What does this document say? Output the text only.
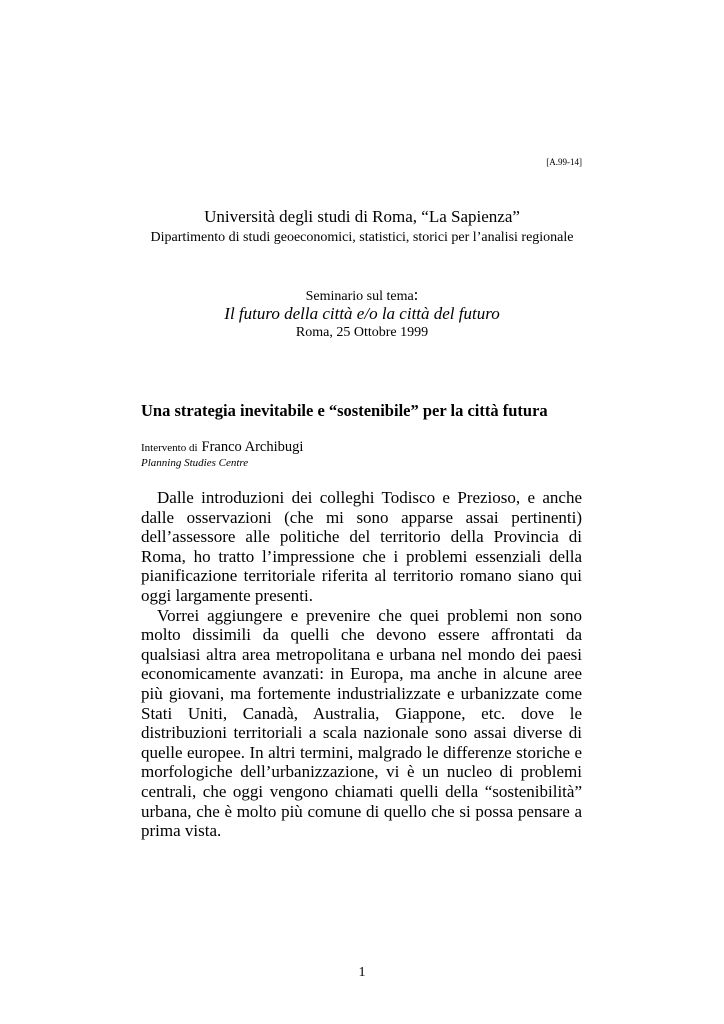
[A.99-14]
Università degli studi di Roma, “La Sapienza”
Dipartimento di studi geoeconomici, statistici, storici per l’analisi regionale
Seminario sul tema:
Il futuro della città e/o la città del futuro
Roma, 25 Ottobre 1999
Una strategia inevitabile e “sostenibile” per la città futura
Intervento di Franco Archibugi
Planning Studies Centre

Dalle introduzioni dei colleghi Todisco e Prezioso, e anche dalle osservazioni (che mi sono apparse assai pertinenti) dell’assessore alle politiche del territorio della Provincia di Roma, ho tratto l’impressione che i problemi essenziali della pianificazione territoriale riferita al territorio romano siano qui oggi largamente presenti.

Vorrei aggiungere e prevenire che quei problemi non sono molto dissimili da quelli che devono essere affrontati da qualsiasi altra area metropolitana e urbana nel mondo dei paesi economicamente avanzati: in Europa, ma anche in alcune aree più giovani, ma fortemente industrializzate e urbanizzate come Stati Uniti, Canadà, Australia, Giappone, etc. dove le distribuzioni territoriali a scala nazionale sono assai diverse di quelle europee. In altri termini, malgrado le differenze storiche e morfologiche dell’urbanizzazione, vi è un nucleo di problemi centrali, che oggi vengono chiamati quelli della “sostenibilità” urbana, che è molto più comune di quello che si possa pensare a prima vista.

1
